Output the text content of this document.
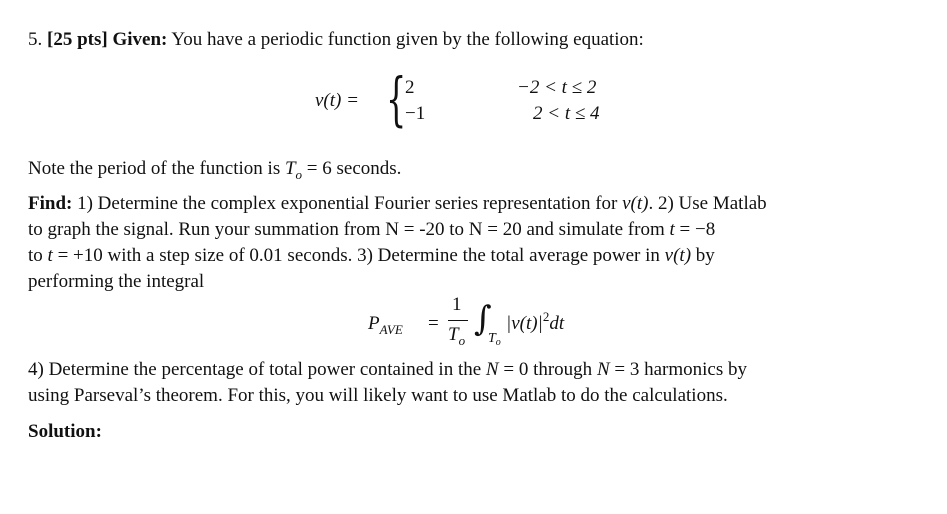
5. [25 pts] Given: You have a periodic function given by the following equation:
v(t) = {
2	−2 < t ≤ 2
−1	2 < t ≤ 4
Note the period of the function is $T_o = 6$ seconds.
Find: 1) Determine the complex exponential Fourier series representation for v(t). 2) Use Matlab
to graph the signal. Run your summation from N = -20 to N = 20 and simulate from t = −8
to t = +10 with a step size of 0.01 seconds. 3) Determine the total average power in v(t) by
performing the integral
$P_{AVE}$ =
1
$T_o$
∫
$T_o$
$|v(t)|^2dt$
4) Determine the percentage of total power contained in the N = 0 through N = 3 harmonics by
using Parseval’s theorem. For this, you will likely want to use Matlab to do the calculations.
Solution:
